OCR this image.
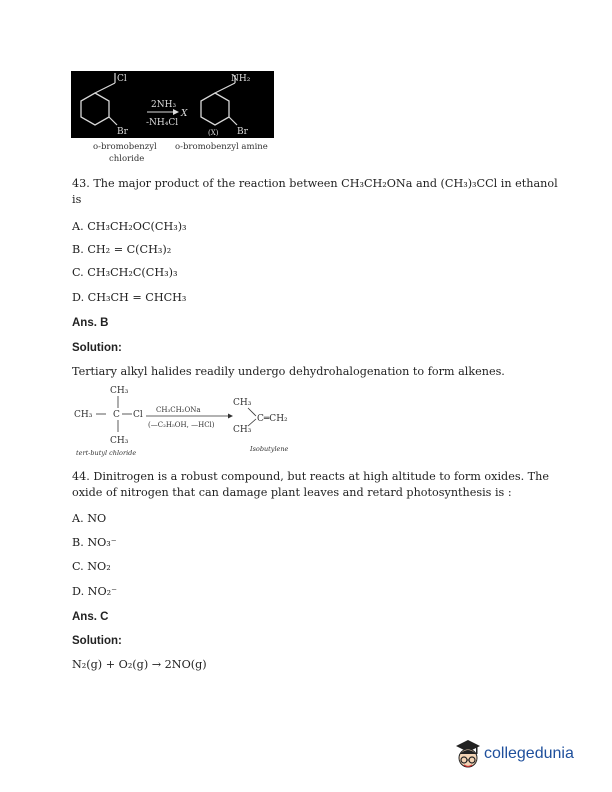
Cl
Br
2NH₃
-NH₄Cl
X
NH₂
Br
(X)
o-bromobenzyl
chloride
o-bromobenzyl amine
43. The major product of the reaction between CH₃CH₂ONa and (CH₃)₃CCl in ethanol
is
A. CH₃CH₂OC(CH₃)₃
B. CH₂ = C(CH₃)₂
C. CH₃CH₂C(CH₃)₃
D. CH₃CH = CHCH₃
Ans. B
Solution:
Tertiary alkyl halides readily undergo dehydrohalogenation to form alkenes.
CH₃
CH₃ C Cl
CH₃
tert-butyl chloride
CH₃CH₂ONa
(—C₂H₅OH, —HCl)
CH₃
CH₃
C═CH₂
Isobutylene
44. Dinitrogen is a robust compound, but reacts at high altitude to form oxides. The
oxide of nitrogen that can damage plant leaves and retard photosynthesis is :
A. NO
B. NO₃⁻
C. NO₂
D. NO₂⁻
Ans. C
Solution:
N₂(g) + O₂(g) → 2NO(g)
collegedunia
